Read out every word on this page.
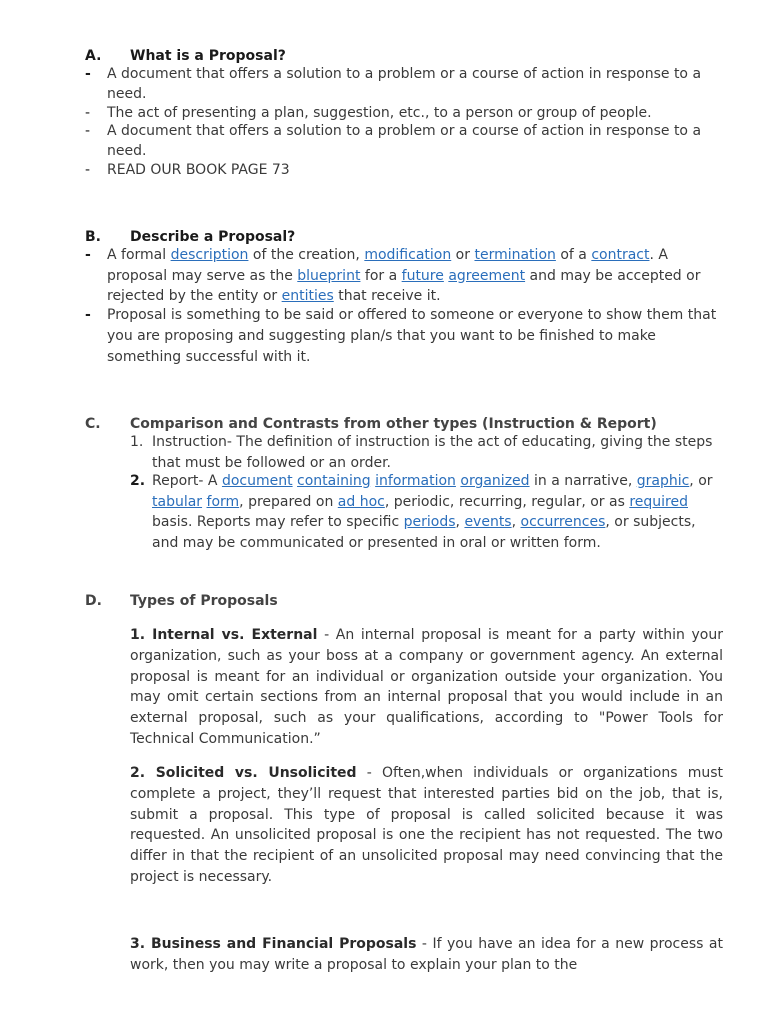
A. What is a Proposal?
-	A document that offers a solution to a problem or a course of action in response to a need.
-	The act of presenting a plan, suggestion, etc., to a person or group of people.
-	A document that offers a solution to a problem or a course of action in response to a need.
-	READ OUR BOOK PAGE 73
B. Describe a Proposal?
-	A formal description of the creation, modification or termination of a contract. A proposal may serve as the blueprint for a future agreement and may be accepted or rejected by the entity or entities that receive it.
-	Proposal is something to be said or offered to someone or everyone to show them that you are proposing and suggesting plan/s that you want to be finished to make something successful with it.
C. Comparison and Contrasts from other types (Instruction & Report)
1. Instruction- The definition of instruction is the act of educating, giving the steps that must be followed or an order.
2. Report- A document containing information organized in a narrative, graphic, or tabular form, prepared on ad hoc, periodic, recurring, regular, or as required basis. Reports may refer to specific periods, events, occurrences, or subjects, and may be communicated or presented in oral or written form.
D. Types of Proposals
1. Internal vs. External - An internal proposal is meant for a party within your organization, such as your boss at a company or government agency. An external proposal is meant for an individual or organization outside your organization. You may omit certain sections from an internal proposal that you would include in an external proposal, such as your qualifications, according to "Power Tools for Technical Communication.”
2. Solicited vs. Unsolicited - Often,when individuals or organizations must complete a project, they’ll request that interested parties bid on the job, that is, submit a proposal. This type of proposal is called solicited because it was requested. An unsolicited proposal is one the recipient has not requested. The two differ in that the recipient of an unsolicited proposal may need convincing that the project is necessary.
3. Business and Financial Proposals - If you have an idea for a new process at work, then you may write a proposal to explain your plan to the
